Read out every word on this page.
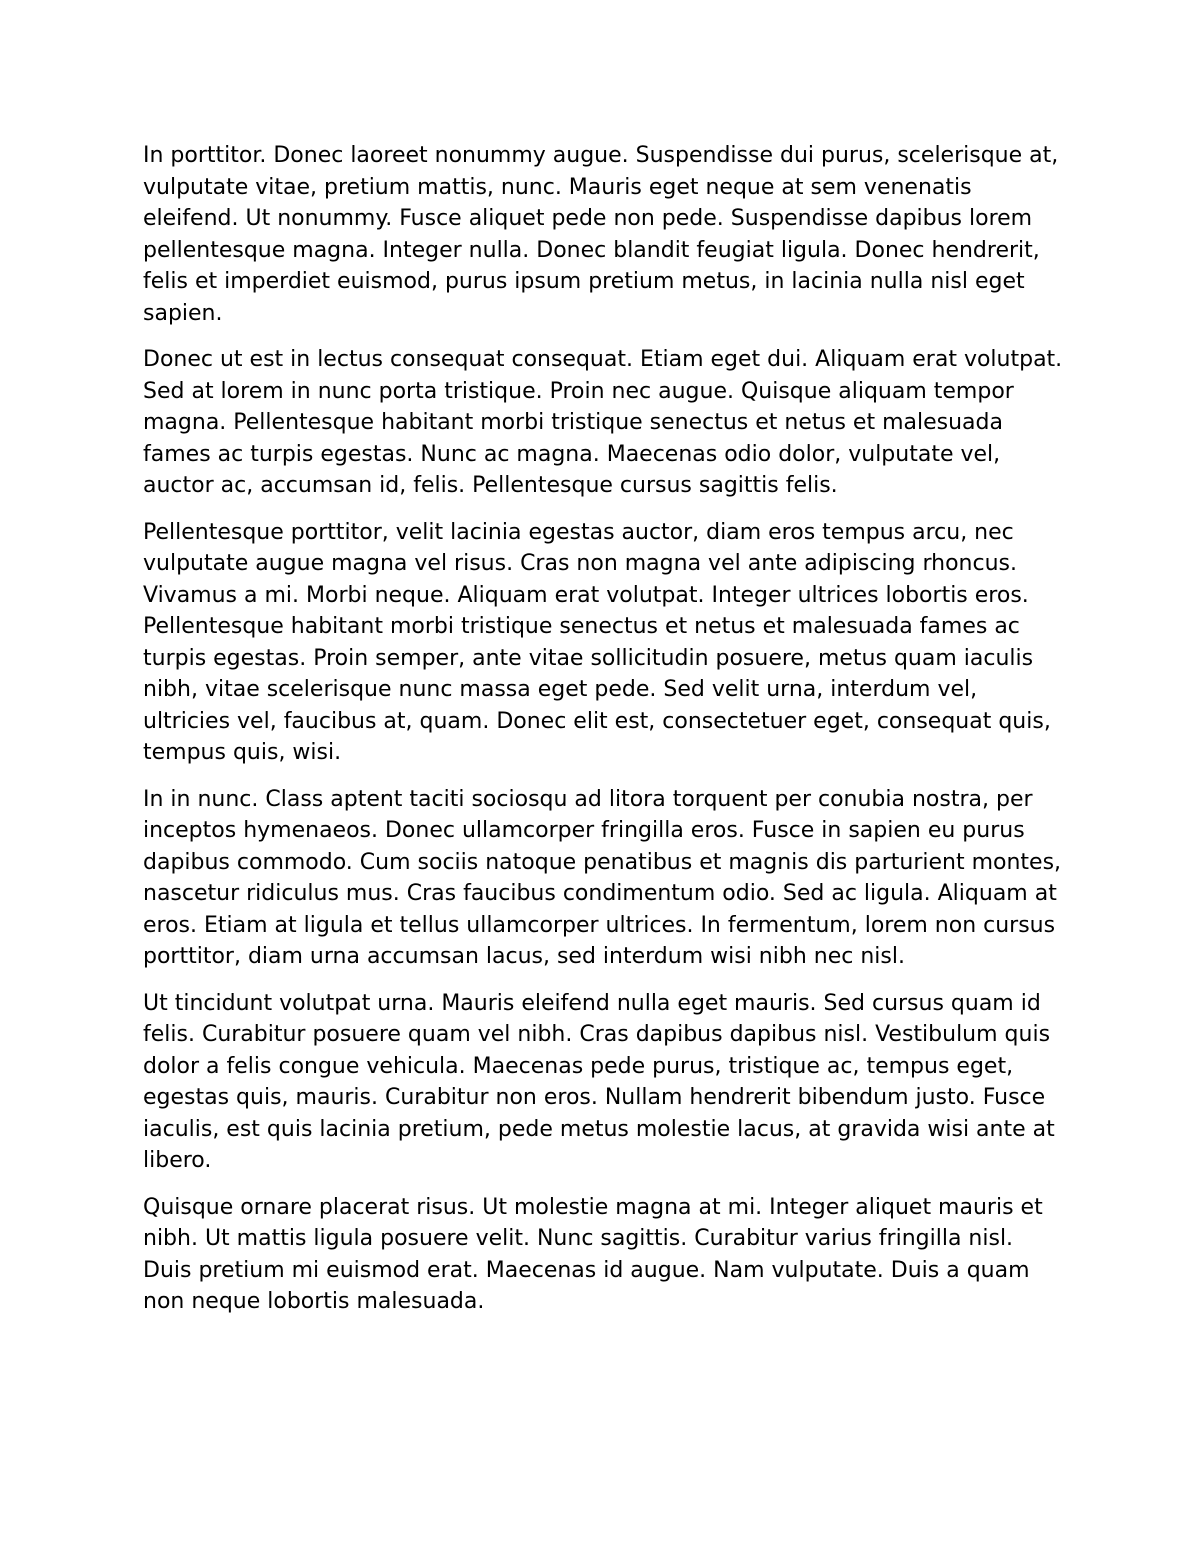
In porttitor. Donec laoreet nonummy augue. Suspendisse dui purus, scelerisque at, vulputate vitae, pretium mattis, nunc. Mauris eget neque at sem venenatis eleifend. Ut nonummy. Fusce aliquet pede non pede. Suspendisse dapibus lorem pellentesque magna. Integer nulla. Donec blandit feugiat ligula. Donec hendrerit, felis et imperdiet euismod, purus ipsum pretium metus, in lacinia nulla nisl eget sapien.

Donec ut est in lectus consequat consequat. Etiam eget dui. Aliquam erat volutpat. Sed at lorem in nunc porta tristique. Proin nec augue. Quisque aliquam tempor magna. Pellentesque habitant morbi tristique senectus et netus et malesuada fames ac turpis egestas. Nunc ac magna. Maecenas odio dolor, vulputate vel, auctor ac, accumsan id, felis. Pellentesque cursus sagittis felis.

Pellentesque porttitor, velit lacinia egestas auctor, diam eros tempus arcu, nec vulputate augue magna vel risus. Cras non magna vel ante adipiscing rhoncus. Vivamus a mi. Morbi neque. Aliquam erat volutpat. Integer ultrices lobortis eros. Pellentesque habitant morbi tristique senectus et netus et malesuada fames ac turpis egestas. Proin semper, ante vitae sollicitudin posuere, metus quam iaculis nibh, vitae scelerisque nunc massa eget pede. Sed velit urna, interdum vel, ultricies vel, faucibus at, quam. Donec elit est, consectetuer eget, consequat quis, tempus quis, wisi.

In in nunc. Class aptent taciti sociosqu ad litora torquent per conubia nostra, per inceptos hymenaeos. Donec ullamcorper fringilla eros. Fusce in sapien eu purus dapibus commodo. Cum sociis natoque penatibus et magnis dis parturient montes, nascetur ridiculus mus. Cras faucibus condimentum odio. Sed ac ligula. Aliquam at eros. Etiam at ligula et tellus ullamcorper ultrices. In fermentum, lorem non cursus porttitor, diam urna accumsan lacus, sed interdum wisi nibh nec nisl.

Ut tincidunt volutpat urna. Mauris eleifend nulla eget mauris. Sed cursus quam id felis. Curabitur posuere quam vel nibh. Cras dapibus dapibus nisl. Vestibulum quis dolor a felis congue vehicula. Maecenas pede purus, tristique ac, tempus eget, egestas quis, mauris. Curabitur non eros. Nullam hendrerit bibendum justo. Fusce iaculis, est quis lacinia pretium, pede metus molestie lacus, at gravida wisi ante at libero.

Quisque ornare placerat risus. Ut molestie magna at mi. Integer aliquet mauris et nibh. Ut mattis ligula posuere velit. Nunc sagittis. Curabitur varius fringilla nisl. Duis pretium mi euismod erat. Maecenas id augue. Nam vulputate. Duis a quam non neque lobortis malesuada.
